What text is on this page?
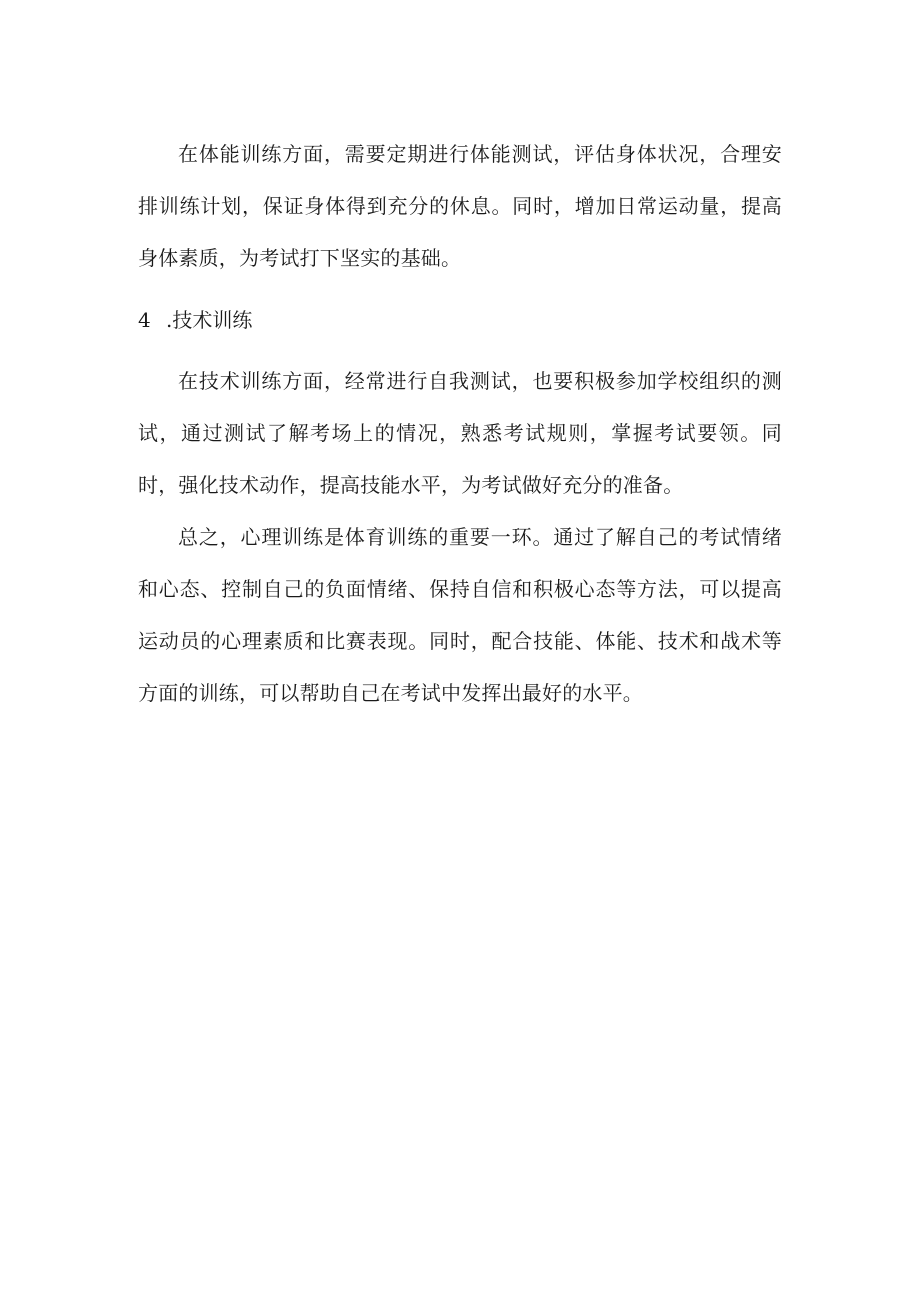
在体能训练方面，需要定期进行体能测试，评估身体状况，合理安排训练计划，保证身体得到充分的休息。同时，增加日常运动量，提高身体素质，为考试打下坚实的基础。

4 .技术训练

在技术训练方面，经常进行自我测试，也要积极参加学校组织的测试，通过测试了解考场上的情况，熟悉考试规则，掌握考试要领。同时，强化技术动作，提高技能水平，为考试做好充分的准备。

总之，心理训练是体育训练的重要一环。通过了解自己的考试情绪和心态、控制自己的负面情绪、保持自信和积极心态等方法，可以提高运动员的心理素质和比赛表现。同时，配合技能、体能、技术和战术等方面的训练，可以帮助自己在考试中发挥出最好的水平。
